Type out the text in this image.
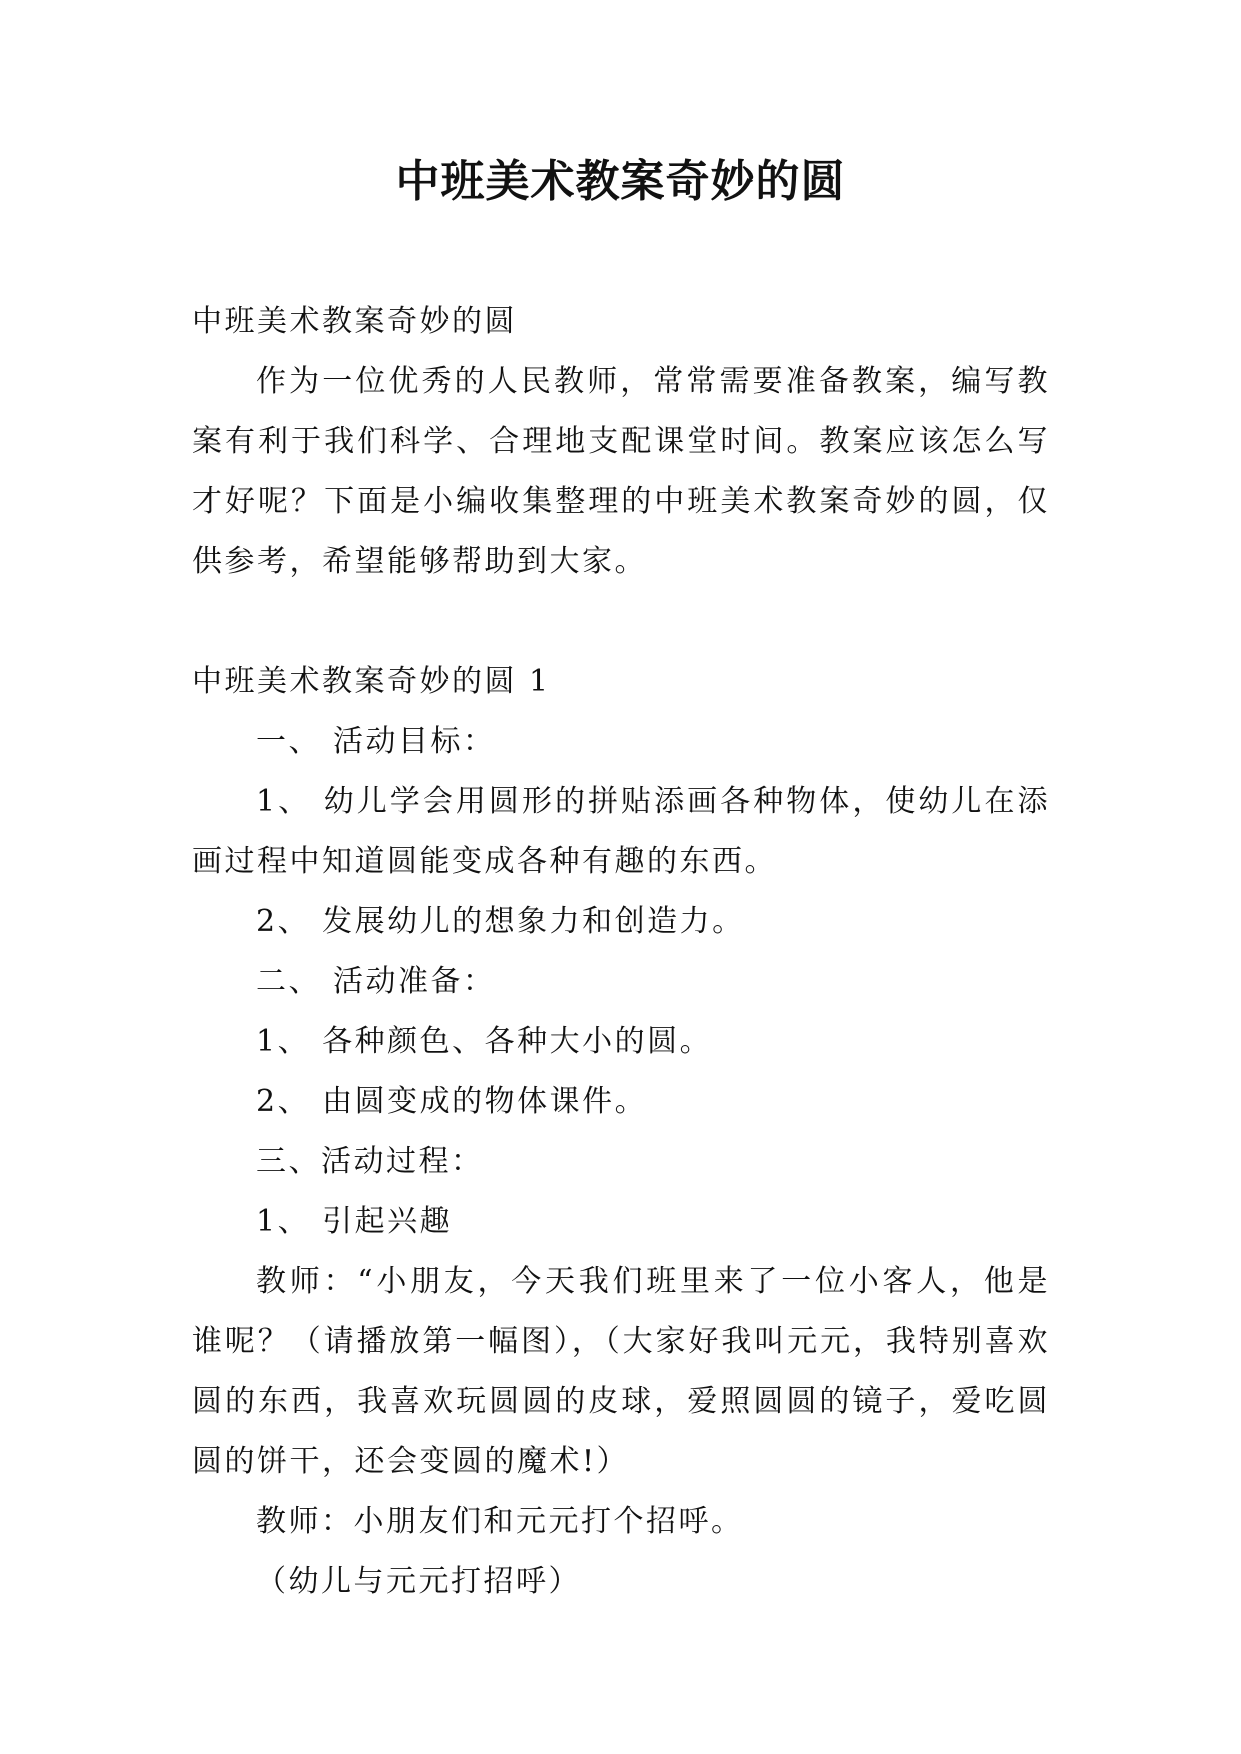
中班美术教案奇妙的圆

中班美术教案奇妙的圆

作为一位优秀的人民教师，常常需要准备教案，编写教案有利于我们科学、合理地支配课堂时间。教案应该怎么写才好呢？下面是小编收集整理的中班美术教案奇妙的圆，仅供参考，希望能够帮助到大家。

中班美术教案奇妙的圆 1

一、 活动目标：

1、 幼儿学会用圆形的拼贴添画各种物体，使幼儿在添画过程中知道圆能变成各种有趣的东西。

2、 发展幼儿的想象力和创造力。

二、 活动准备：

1、 各种颜色、各种大小的圆。

2、 由圆变成的物体课件。

三、活动过程：

1、 引起兴趣

教师：“小朋友，今天我们班里来了一位小客人，他是谁呢？（请播放第一幅图），（大家好我叫元元，我特别喜欢圆的东西，我喜欢玩圆圆的皮球，爱照圆圆的镜子，爱吃圆圆的饼干，还会变圆的魔术!）

教师：小朋友们和元元打个招呼。

（幼儿与元元打招呼）
